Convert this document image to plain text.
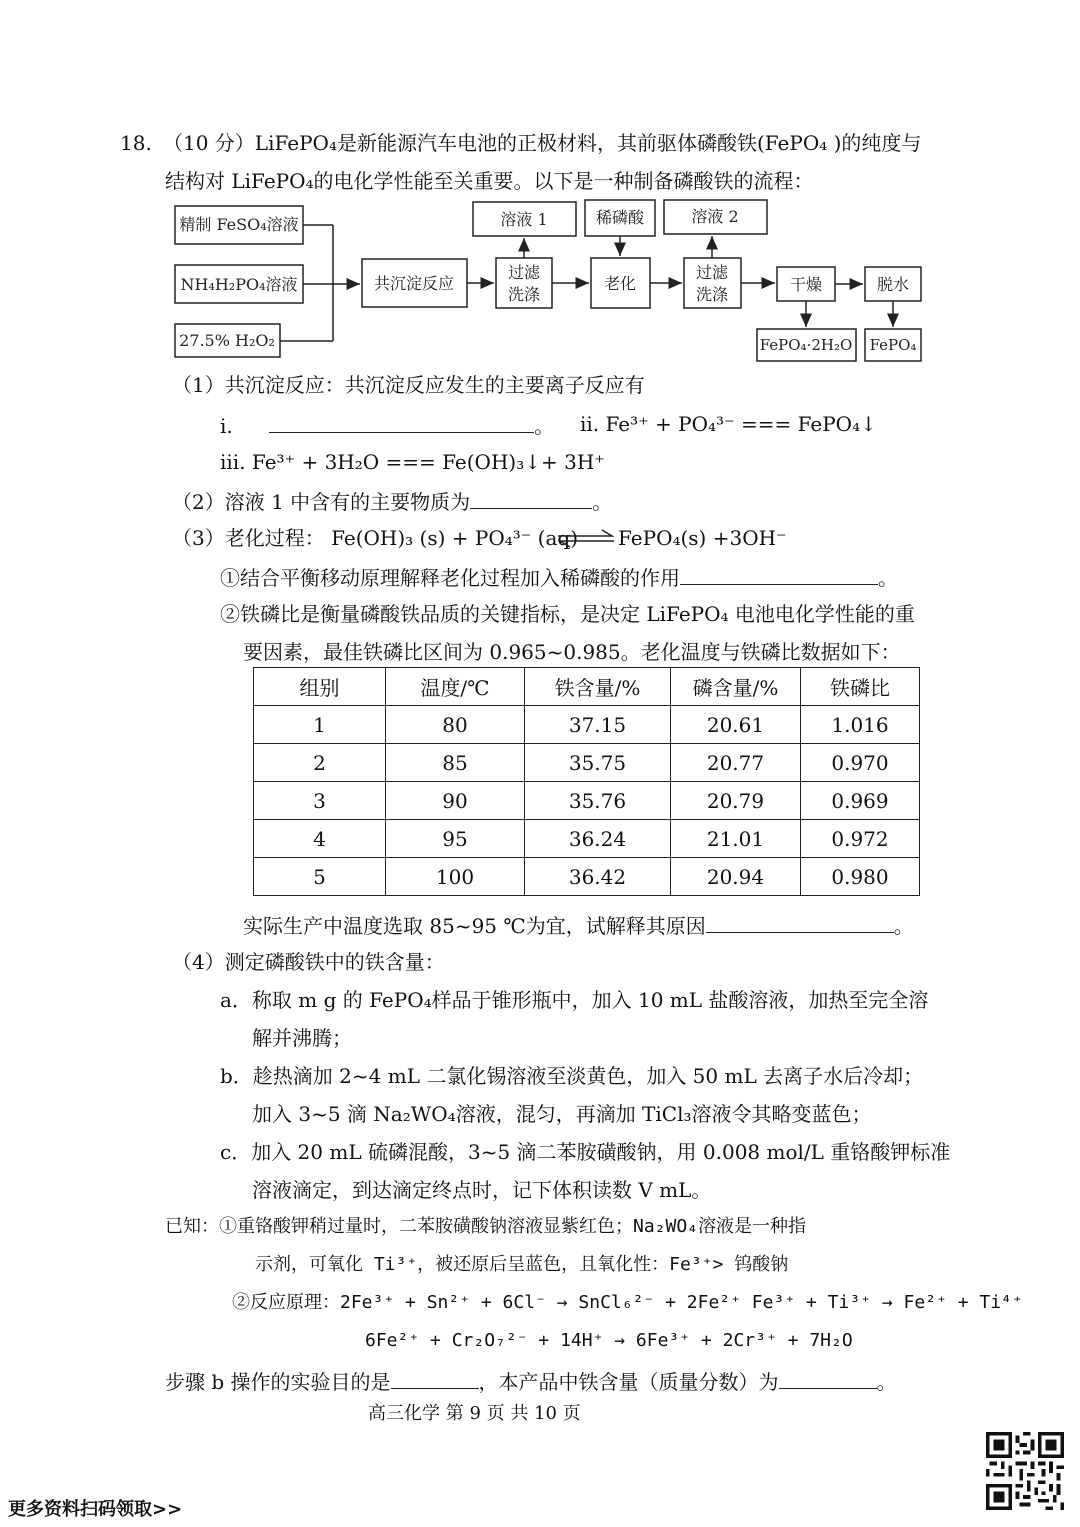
18. （10 分）LiFePO₄是新能源汽车电池的正极材料，其前驱体磷酸铁(FePO₄ )的纯度与
结构对 LiFePO₄的电化学性能至关重要。以下是一种制备磷酸铁的流程：
精制 FeSO₄溶液
NH₄H₂PO₄溶液
27.5% H₂O₂
共沉淀反应
过滤
洗涤
溶液 1	稀磷酸
老化
溶液 2
过滤
洗涤
干燥	脱水
FePO₄·2H₂O FePO₄
（1）共沉淀反应：共沉淀反应发生的主要离子反应有
i.	。 ii. Fe³⁺ + PO₄³⁻ === FePO₄↓
iii. Fe³⁺ + 3H₂O === Fe(OH)₃↓+ 3H⁺
（2）溶液 1 中含有的主要物质为	。
（3）老化过程： Fe(OH)₃ (s) + PO₄³⁻ (aq) ⇌ FePO₄(s) +3OH⁻
①结合平衡移动原理解释老化过程加入稀磷酸的作用	。
②铁磷比是衡量磷酸铁品质的关键指标，是决定 LiFePO₄ 电池电化学性能的重
要因素，最佳铁磷比区间为 0.965~0.985。老化温度与铁磷比数据如下：
组别	温度/℃	铁含量/%	磷含量/%	铁磷比
1	80	37.15	20.61	1.016
2	85	35.75	20.77	0.970
3	90	35.76	20.79	0.969
4	95	36.24	21.01	0.972
5	100	36.42	20.94	0.980
实际生产中温度选取 85~95 ℃为宜，试解释其原因	。
（4）测定磷酸铁中的铁含量：
a．称取 m g 的 FePO₄样品于锥形瓶中，加入 10 mL 盐酸溶液，加热至完全溶
解并沸腾；
b．趁热滴加 2~4 mL 二氯化锡溶液至淡黄色，加入 50 mL 去离子水后冷却；
加入 3~5 滴 Na₂WO₄溶液，混匀，再滴加 TiCl₃溶液令其略变蓝色；
c．加入 20 mL 硫磷混酸，3~5 滴二苯胺磺酸钠，用 0.008 mol/L 重铬酸钾标准
溶液滴定，到达滴定终点时，记下体积读数 V mL。
已知：①重铬酸钾稍过量时，二苯胺磺酸钠溶液显紫红色；Na₂WO₄溶液是一种指
示剂，可氧化 Ti³⁺，被还原后呈蓝色，且氧化性：Fe³⁺> 钨酸钠
②反应原理：2Fe³⁺ + Sn²⁺ + 6Cl⁻ → SnCl₆²⁻ + 2Fe²⁺ Fe³⁺ + Ti³⁺ → Fe²⁺ + Ti⁴⁺
6Fe²⁺ + Cr₂O₇²⁻ + 14H⁺ → 6Fe³⁺ + 2Cr³⁺ + 7H₂O
步骤 b 操作的实验目的是	，本产品中铁含量（质量分数）为	。
高三化学 第 9 页 共 10 页
更多资料扫码领取>>
